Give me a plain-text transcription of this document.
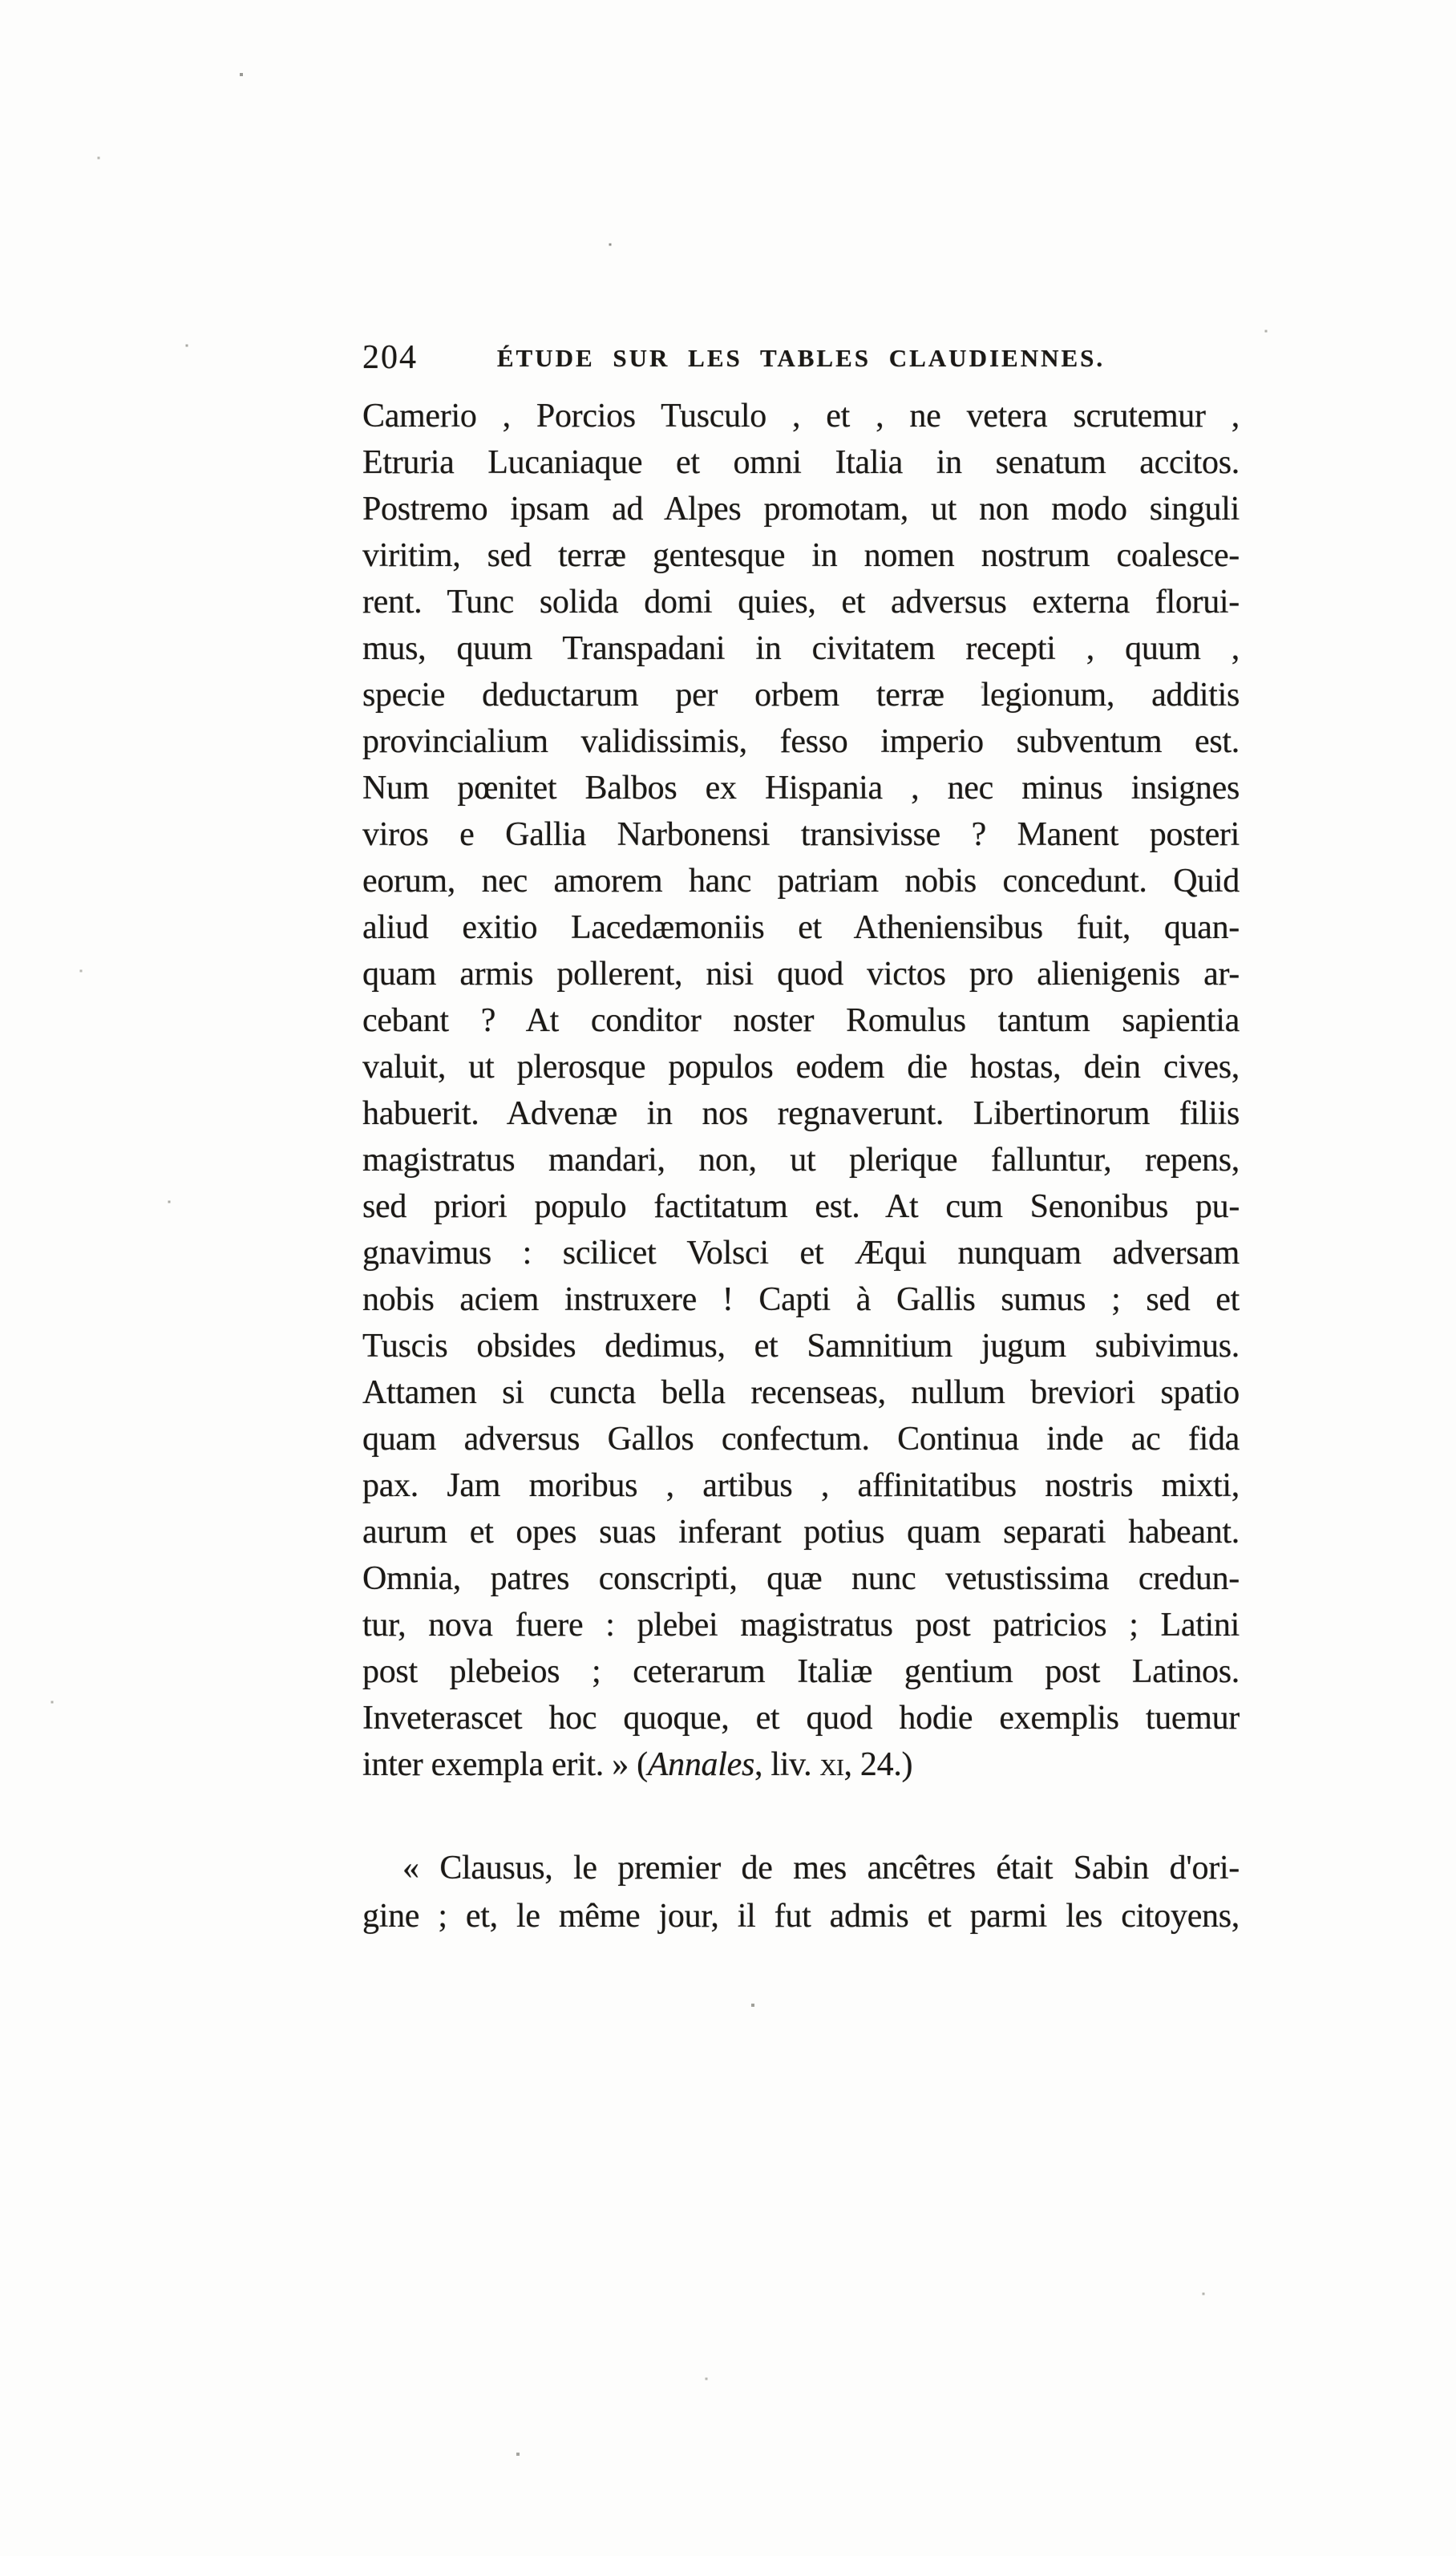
204	ÉTUDE SUR LES TABLES CLAUDIENNES.
Camerio , Porcios Tusculo , et , ne vetera scrutemur ,
Etruria Lucaniaque et omni Italia in senatum accitos.
Postremo ipsam ad Alpes promotam, ut non modo singuli
viritim, sed terræ gentesque in nomen nostrum coalesce-
rent. Tunc solida domi quies, et adversus externa florui-
mus, quum Transpadani in civitatem recepti , quum ,
specie deductarum per orbem terræ legionum, additis
provincialium validissimis, fesso imperio subventum est.
Num pœnitet Balbos ex Hispania , nec minus insignes
viros e Gallia Narbonensi transivisse ? Manent posteri
eorum, nec amorem hanc patriam nobis concedunt. Quid
aliud exitio Lacedæmoniis et Atheniensibus fuit, quan-
quam armis pollerent, nisi quod victos pro alienigenis ar-
cebant ? At conditor noster Romulus tantum sapientia
valuit, ut plerosque populos eodem die hostas, dein cives,
habuerit. Advenæ in nos regnaverunt. Libertinorum filiis
magistratus mandari, non, ut plerique falluntur, repens,
sed priori populo factitatum est. At cum Senonibus pu-
gnavimus : scilicet Volsci et Æqui nunquam adversam
nobis aciem instruxere ! Capti à Gallis sumus ; sed et
Tuscis obsides dedimus, et Samnitium jugum subivimus.
Attamen si cuncta bella recenseas, nullum breviori spatio
quam adversus Gallos confectum. Continua inde ac fida
pax. Jam moribus , artibus , affinitatibus nostris mixti,
aurum et opes suas inferant potius quam separati habeant.
Omnia, patres conscripti, quæ nunc vetustissima credun-
tur, nova fuere : plebei magistratus post patricios ; Latini
post plebeios ; ceterarum Italiæ gentium post Latinos.
Inveterascet hoc quoque, et quod hodie exemplis tuemur
inter exempla erit. » (Annales, liv. xi, 24.)
« Clausus, le premier de mes ancêtres était Sabin d'ori-
gine ; et, le même jour, il fut admis et parmi les citoyens,
